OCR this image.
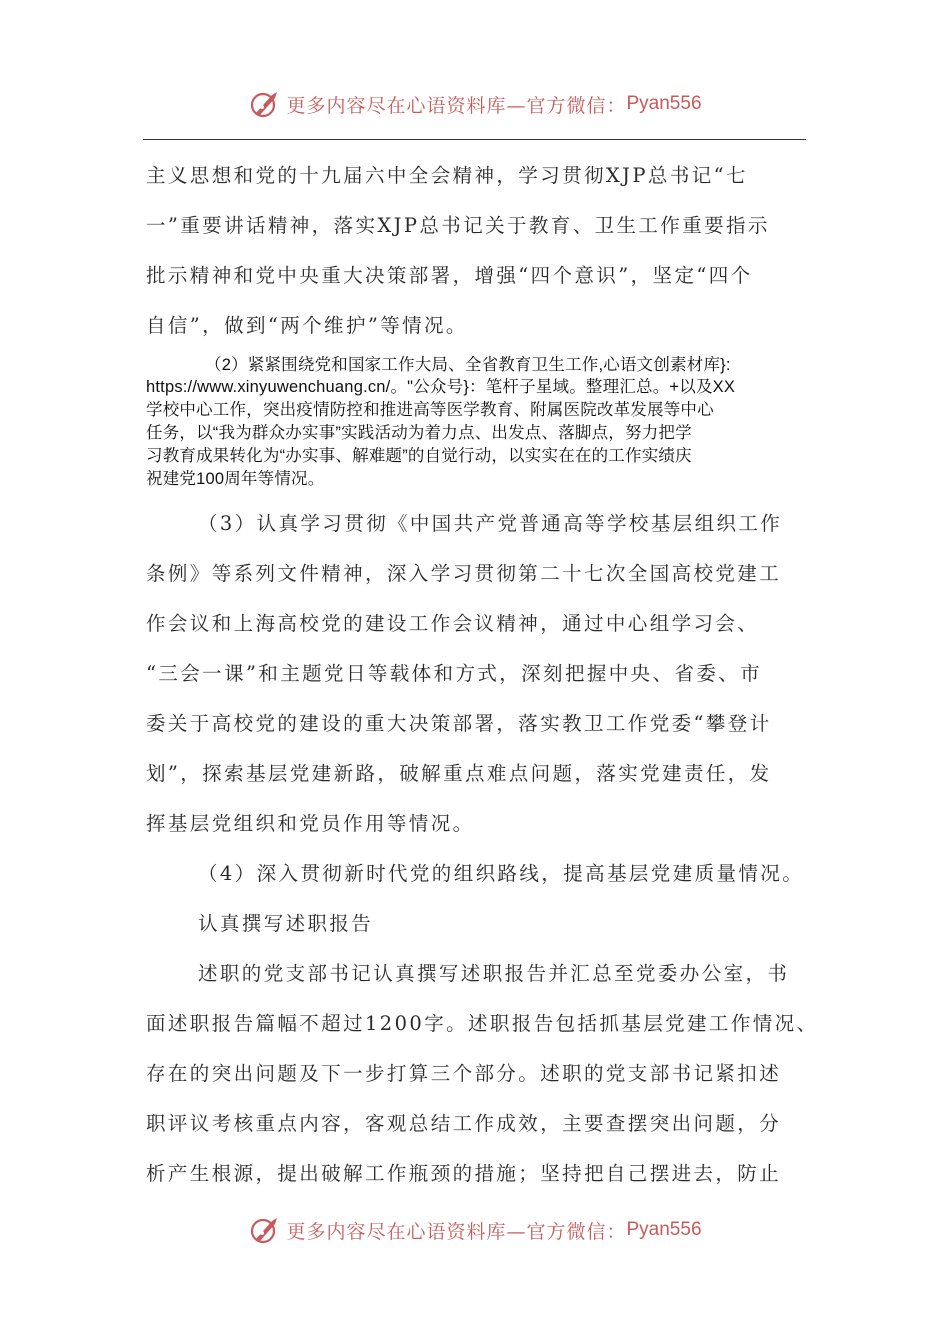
更多内容尽在心语资料库—官方微信： Pyan556
主义思想和党的十九届六中全会精神，学习贯彻XJP总书记“七
一”重要讲话精神，落实XJP总书记关于教育、卫生工作重要指示
批示精神和党中央重大决策部署，增强“四个意识”，坚定“四个
自信”，做到“两个维护”等情况。
（2）紧紧围绕党和国家工作大局、全省教育卫生工作,心语文创素材库}:
https://www.xinyuwenchuang.cn/。"公众号}：笔杆子星域。整理汇总。+以及XX
学校中心工作，突出疫情防控和推进高等医学教育、附属医院改革发展等中心
任务，以“我为群众办实事”实践活动为着力点、出发点、落脚点，努力把学
习教育成果转化为“办实事、解难题”的自觉行动，以实实在在的工作实绩庆
祝建党100周年等情况。
（3）认真学习贯彻《中国共产党普通高等学校基层组织工作
条例》等系列文件精神，深入学习贯彻第二十七次全国高校党建工
作会议和上海高校党的建设工作会议精神，通过中心组学习会、
“三会一课”和主题党日等载体和方式，深刻把握中央、省委、市
委关于高校党的建设的重大决策部署，落实教卫工作党委“攀登计
划”，探索基层党建新路，破解重点难点问题，落实党建责任，发
挥基层党组织和党员作用等情况。
（4）深入贯彻新时代党的组织路线，提高基层党建质量情况。
认真撰写述职报告
述职的党支部书记认真撰写述职报告并汇总至党委办公室，书
面述职报告篇幅不超过1200字。述职报告包括抓基层党建工作情况、
存在的突出问题及下一步打算三个部分。述职的党支部书记紧扣述
职评议考核重点内容，客观总结工作成效，主要查摆突出问题，分
析产生根源，提出破解工作瓶颈的措施；坚持把自己摆进去，防止
更多内容尽在心语资料库—官方微信： Pyan556
